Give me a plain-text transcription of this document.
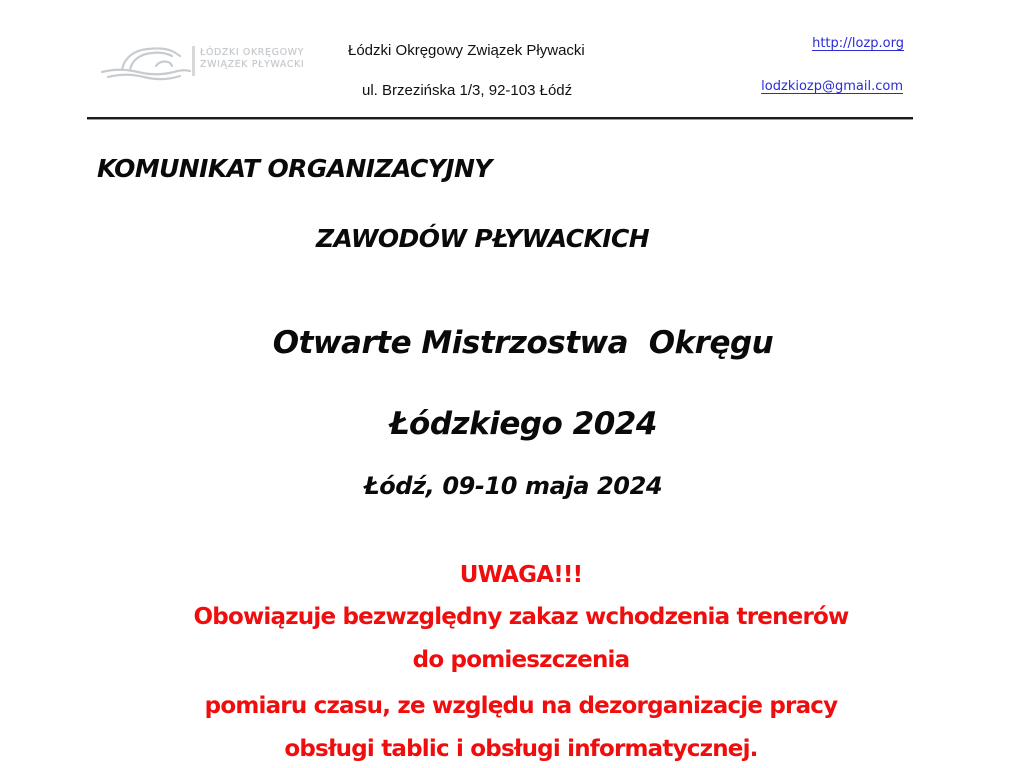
ŁÓDZKI OKRĘGOWY
ZWIĄZEK PŁYWACKI
Łódzki Okręgowy Związek Pływacki
ul. Brzezińska 1/3, 92-103 Łódź
http://lozp.org
lodzkiozp@gmail.com
KOMUNIKAT ORGANIZACYJNY
ZAWODÓW PŁYWACKICH
Otwarte Mistrzostwa  Okręgu
Łódzkiego 2024
Łódź, 09-10 maja 2024
UWAGA!!!
Obowiązuje bezwzględny zakaz wchodzenia trenerów
do pomieszczenia
pomiaru czasu, ze względu na dezorganizacje pracy
obsługi tablic i obsługi informatycznej.
